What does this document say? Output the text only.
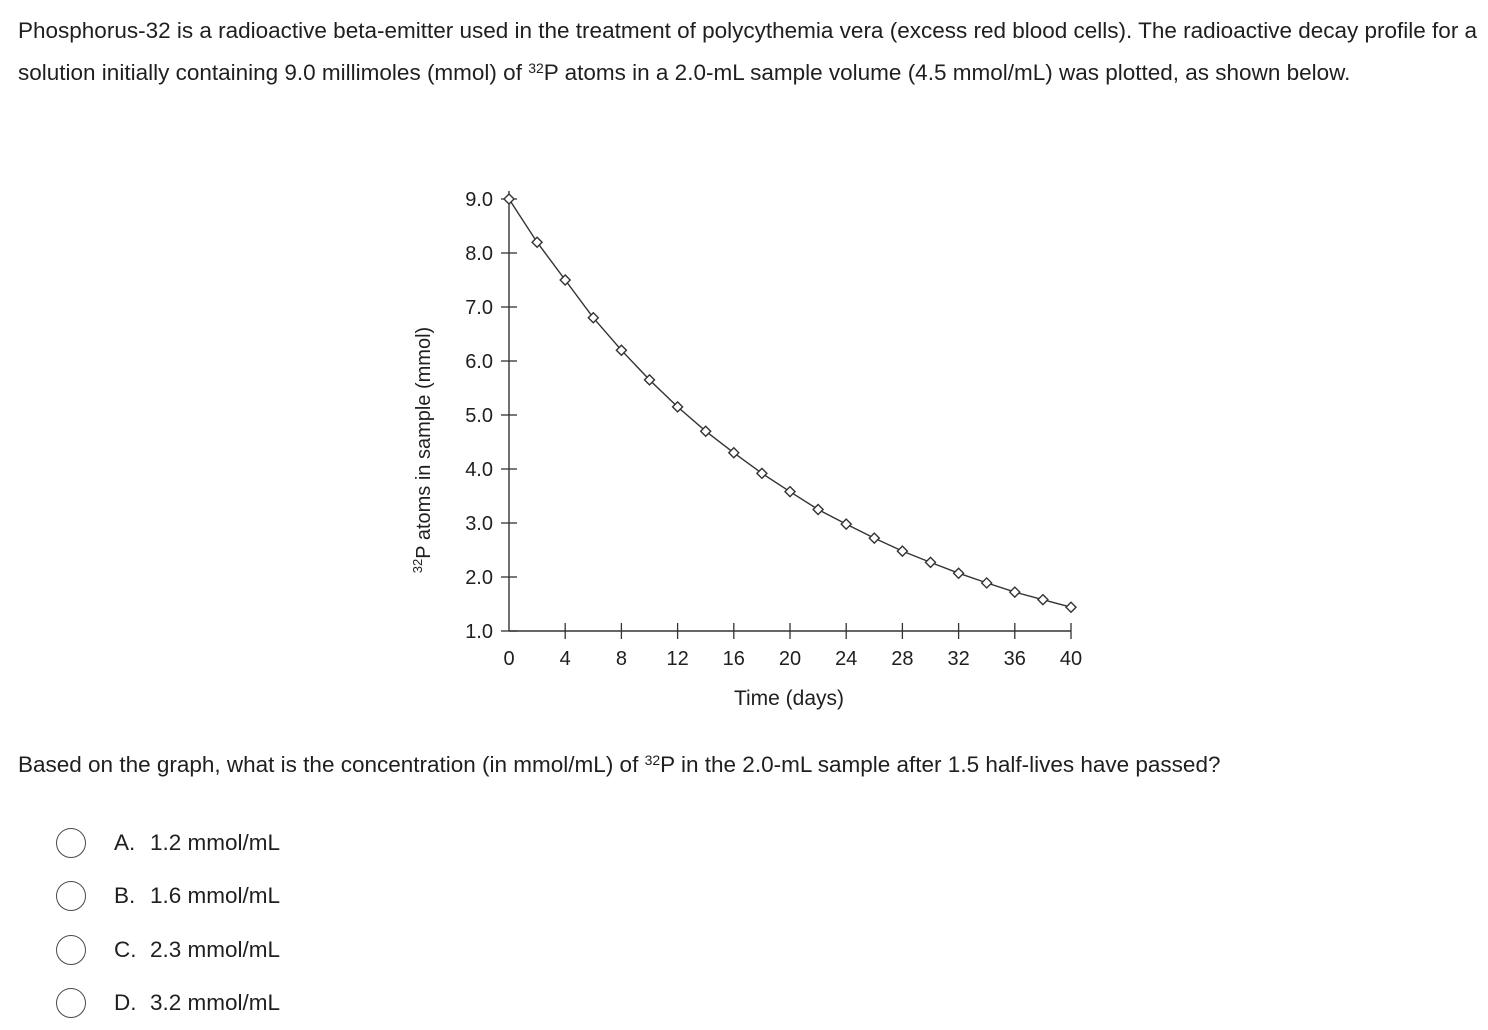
Phosphorus-32 is a radioactive beta-emitter used in the treatment of polycythemia vera (excess red blood cells). The radioactive decay profile for a solution initially containing 9.0 millimoles (mmol) of $^{32}$P atoms in a 2.0-mL sample volume (4.5 mmol/mL) was plotted, as shown below.

9.0
8.0
7.0
6.0
5.0
4.0
3.0
2.0
1.0
0 4 8 12 16 20 24 28 32 36 40
Time (days)
$^{32}$P atoms in sample (mmol)

Based on the graph, what is the concentration (in mmol/mL) of $^{32}$P in the 2.0-mL sample after 1.5 half-lives have passed?

A. 1.2 mmol/mL
B. 1.6 mmol/mL
C. 2.3 mmol/mL
D. 3.2 mmol/mL
